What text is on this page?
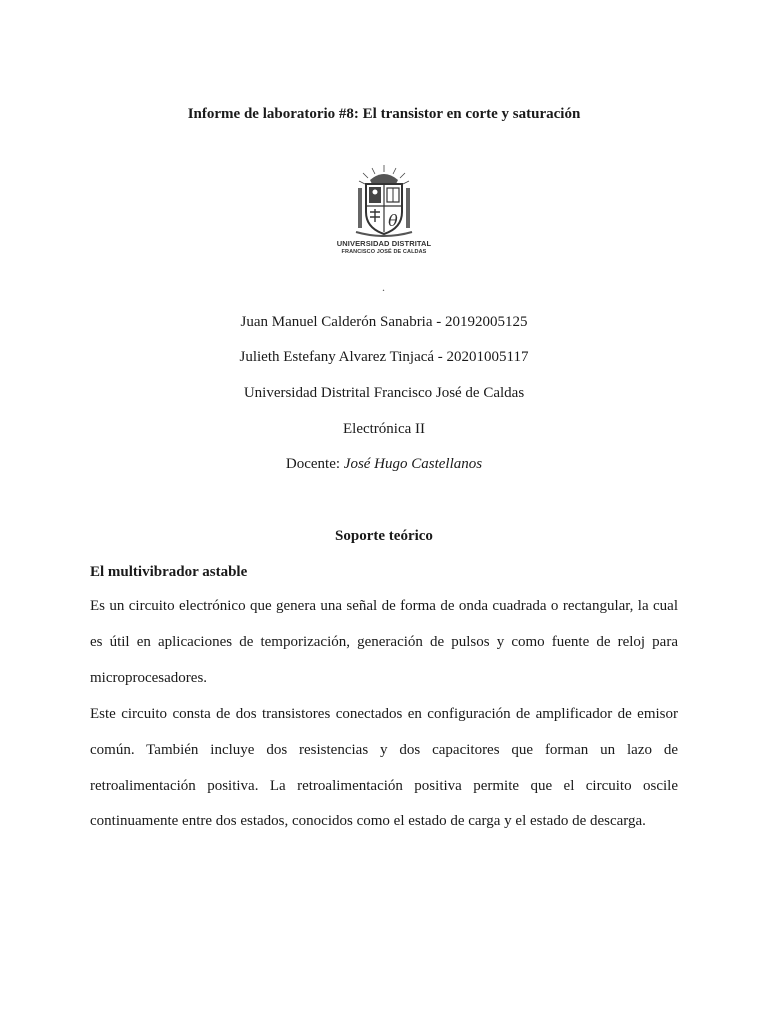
Informe de laboratorio #8: El transistor en corte y saturación
θ
UNIVERSIDAD DISTRITAL
FRANCISCO JOSÉ DE CALDAS
.
Juan Manuel Calderón Sanabria - 20192005125
Julieth Estefany Alvarez Tinjacá - 20201005117
Universidad Distrital Francisco José de Caldas
Electrónica II
Docente: José Hugo Castellanos
Soporte teórico
El multivibrador astable
Es un circuito electrónico que genera una señal de forma de onda cuadrada o rectangular, la cual
es útil en aplicaciones de temporización, generación de pulsos y como fuente de reloj para
microprocesadores.
Este circuito consta de dos transistores conectados en configuración de amplificador de emisor
común. También incluye dos resistencias y dos capacitores que forman un lazo de
retroalimentación positiva. La retroalimentación positiva permite que el circuito oscile
continuamente entre dos estados, conocidos como el estado de carga y el estado de descarga.
